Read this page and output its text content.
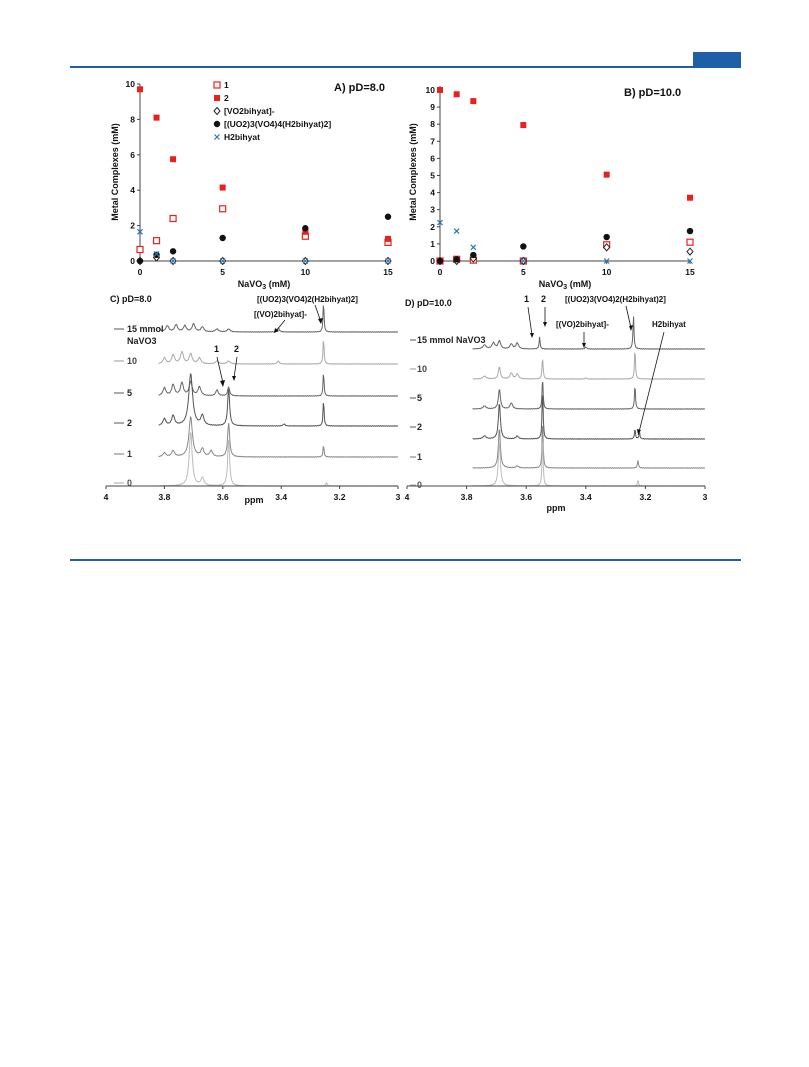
0
2
4
6
8
10
0	5	10	15
A) pD=8.0
Metal Complexes (mM)
NaVO$_3$ (mM)
1
2
[VO2bihyat]-
[(UO2)3(VO4)4(H2bihyat)2]
H2bihyat
0
1
2
3
4
5
6
7
8
9
10
0	5	10	15
B) pD=10.0
Metal Complexes (mM)
NaVO$_3$ (mM)
C) pD=8.0
4	3.8	3.6	3.4	3.2	3
ppm
15 mmol
NaVO3
10
5
2
1
0
[(UO2)3(VO4)2(H2bihyat)2]
[(VO)2bihyat]-
1 2
D) pD=10.0
4	3.8	3.6	3.4	3.2	3
ppm
15 mmol NaVO3
10
5
2
1
0
1 2 [(UO2)3(VO4)2(H2bihyat)2]
[(VO)2bihyat]-	H2bihyat
